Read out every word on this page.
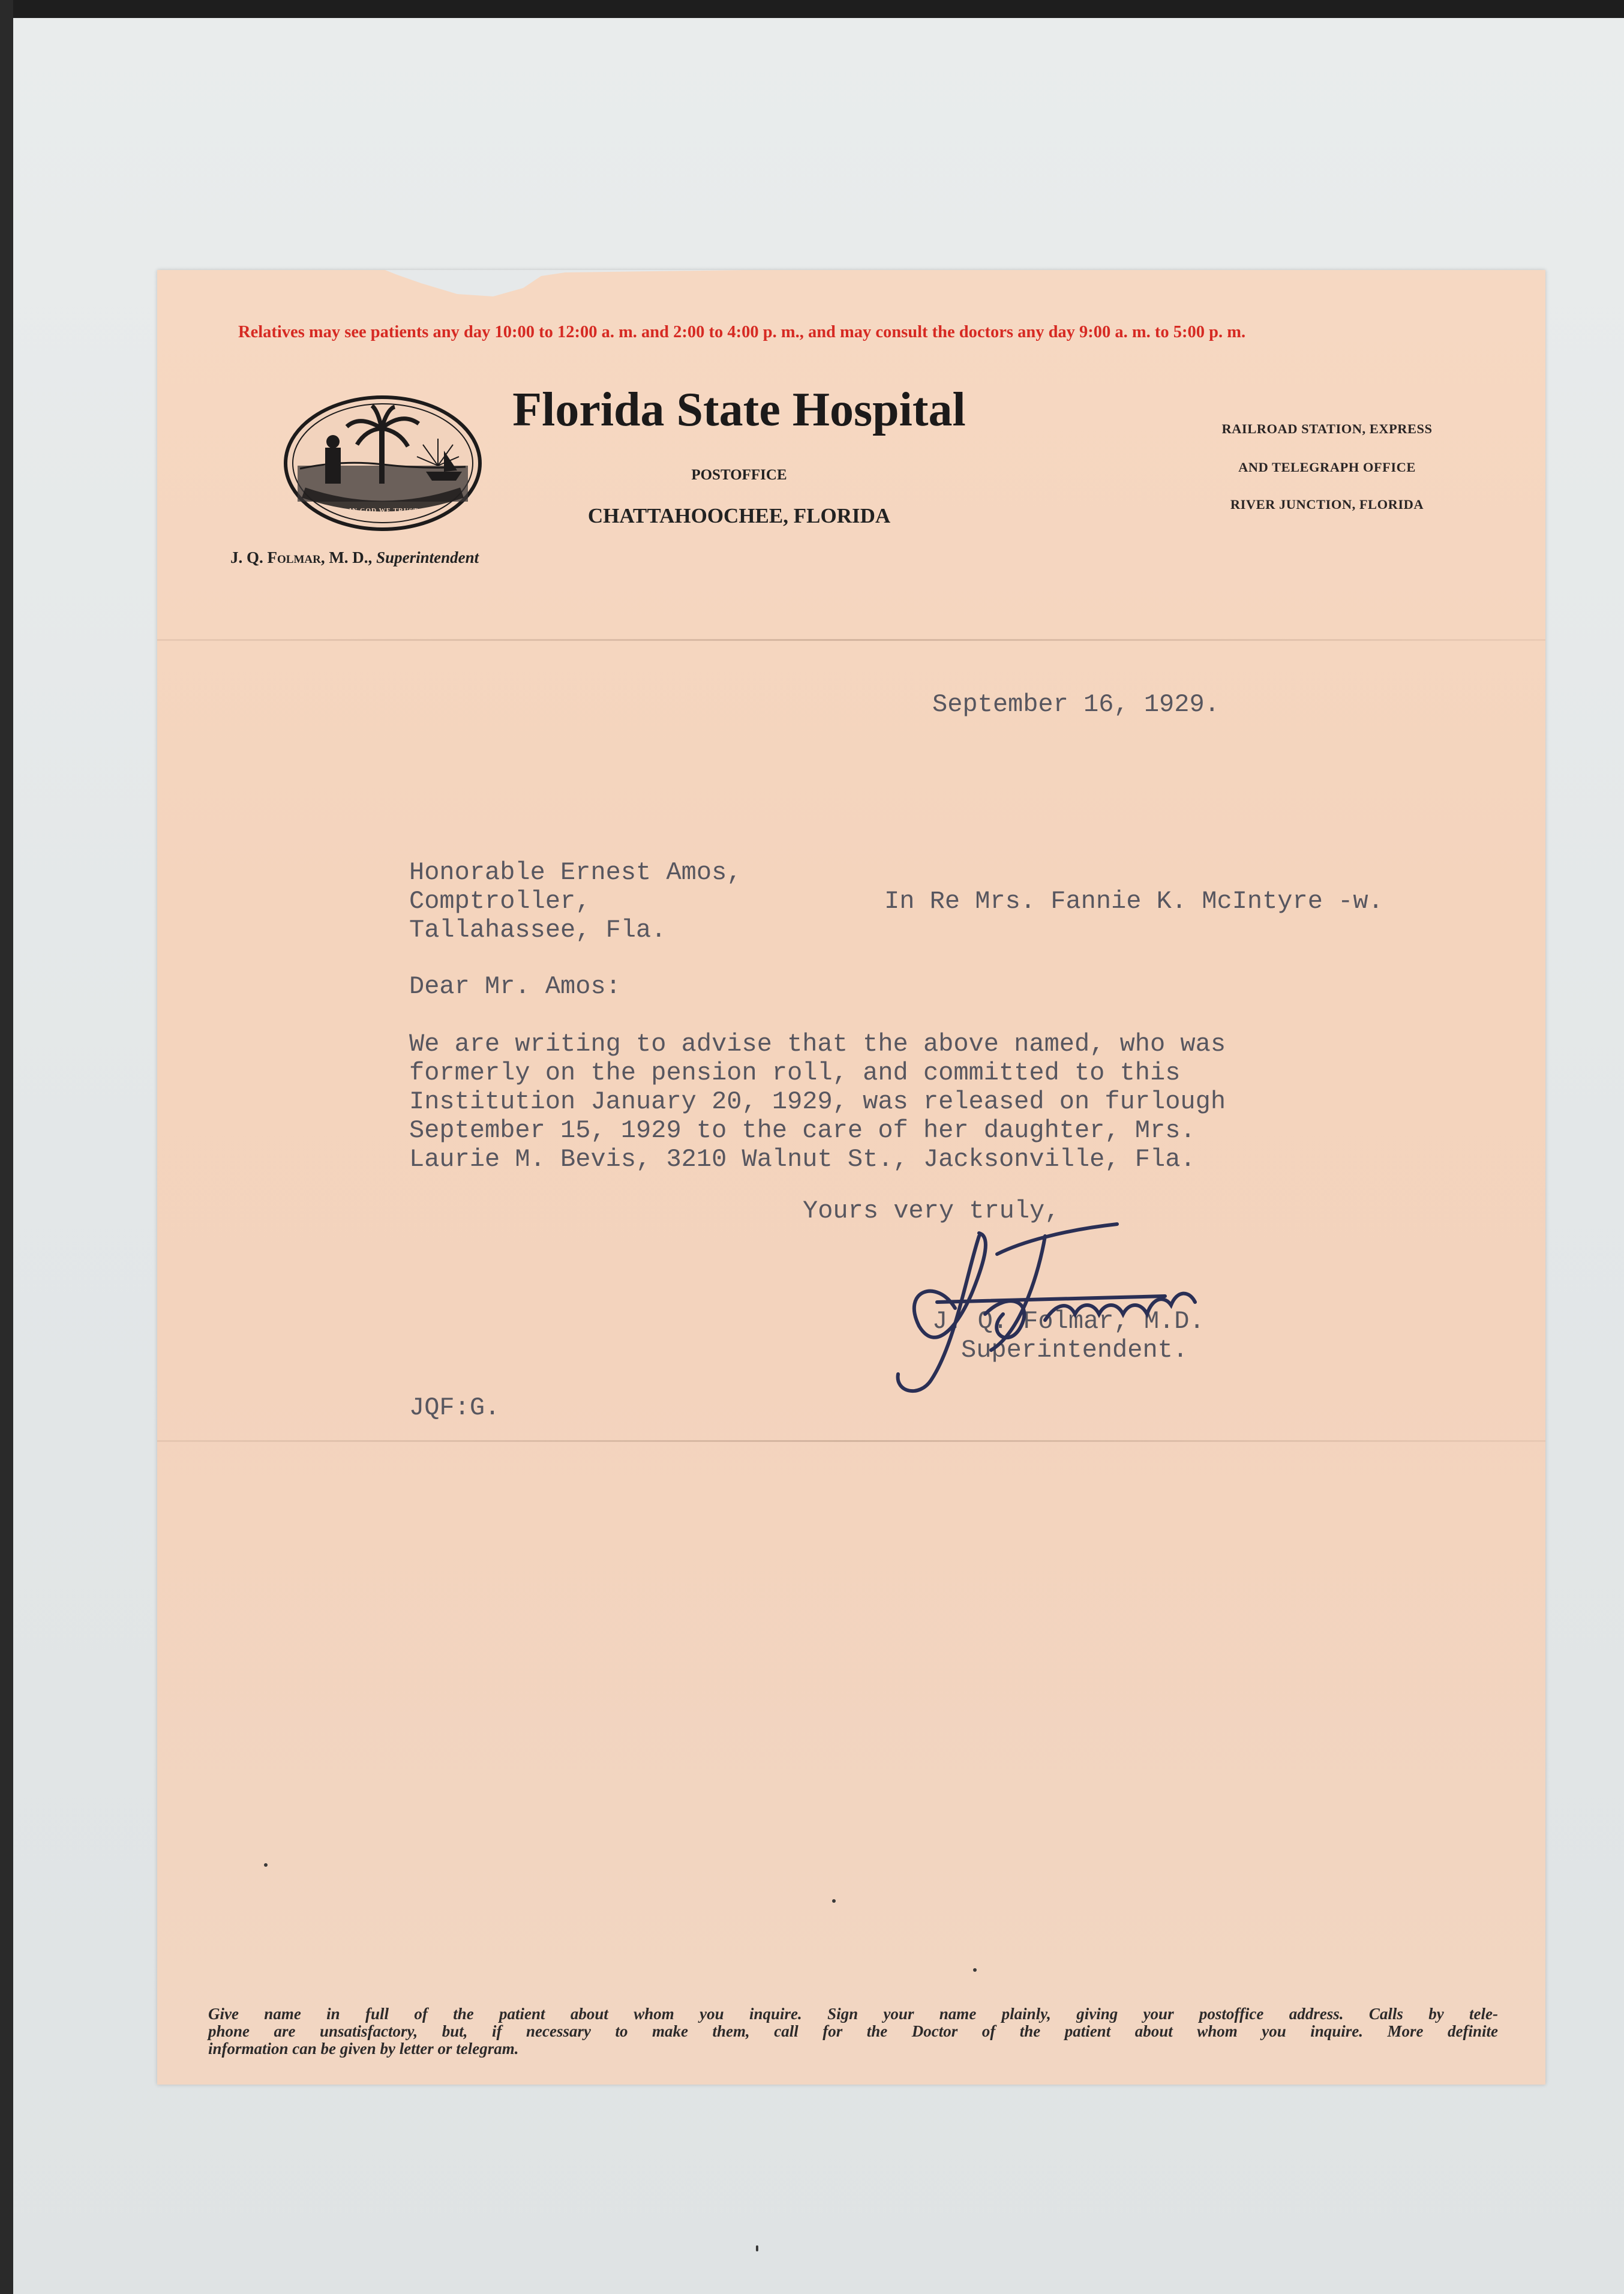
Relatives may see patients any day 10:00 to 12:00 a. m. and 2:00 to 4:00 p. m., and may consult the doctors any day 9:00 a. m. to 5:00 p. m.
IN GOD WE TRUST
Florida State Hospital
POSTOFFICE
CHATTAHOOCHEE, FLORIDA
RAILROAD STATION, EXPRESS
AND TELEGRAPH OFFICE
RIVER JUNCTION, FLORIDA
J. Q. Folmar, M. D., Superintendent
September 16, 1929.
Honorable Ernest Amos,
Comptroller,
Tallahassee, Fla.
In Re Mrs. Fannie K. McIntyre -w.
Dear Mr. Amos:
We are writing to advise that the above named, who was
formerly on the pension roll, and committed to this
Institution January 20, 1929, was released on furlough
September 15, 1929 to the care of her daughter, Mrs.
Laurie M. Bevis, 3210 Walnut St., Jacksonville, Fla.
Yours very truly,
J. Q. Folmar, M.D.
Superintendent.
JQF:G.
Give name in full of the patient about whom you inquire. Sign your name plainly, giving your postoffice address. Calls by tele-
phone are unsatisfactory, but, if necessary to make them, call for the Doctor of the patient about whom you inquire. More definite
information can be given by letter or telegram.
